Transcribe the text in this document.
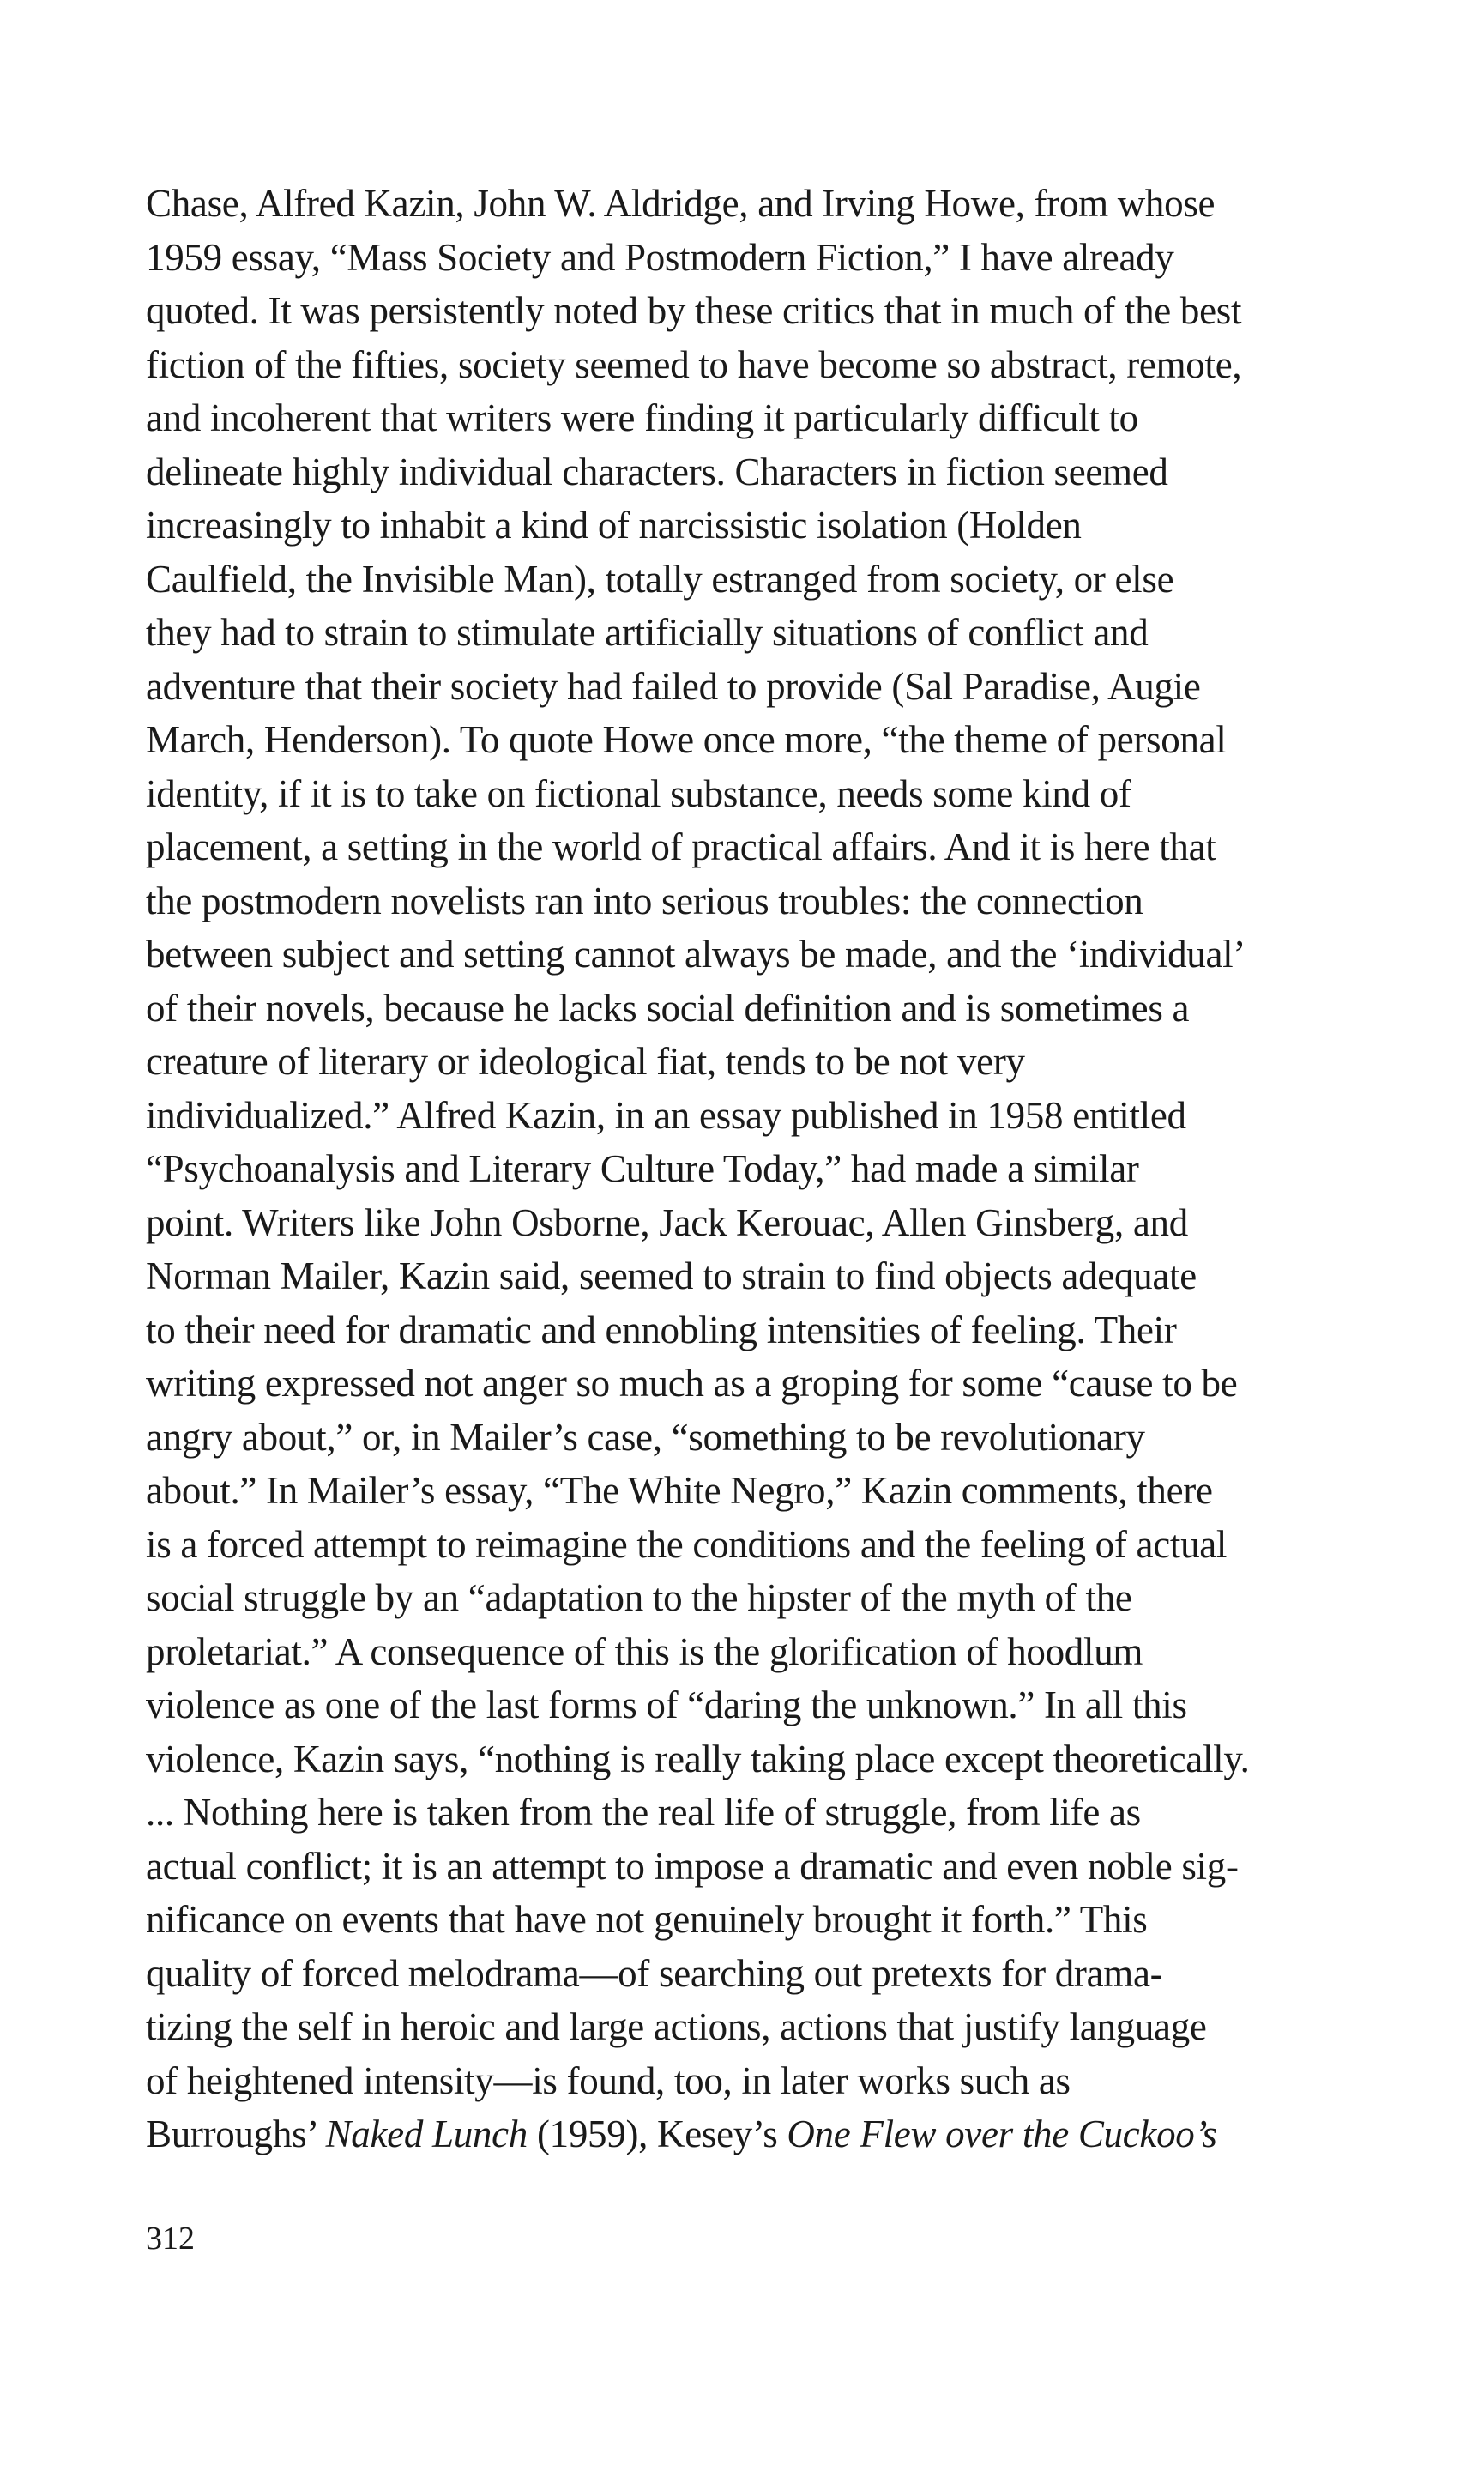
Chase, Alfred Kazin, John W. Aldridge, and Irving Howe, from whose
1959 essay, “Mass Society and Postmodern Fiction,” I have already
quoted. It was persistently noted by these critics that in much of the best
fiction of the fifties, society seemed to have become so abstract, remote,
and incoherent that writers were finding it particularly difficult to
delineate highly individual characters. Characters in fiction seemed
increasingly to inhabit a kind of narcissistic isolation (Holden
Caulfield, the Invisible Man), totally estranged from society, or else
they had to strain to stimulate artificially situations of conflict and
adventure that their society had failed to provide (Sal Paradise, Augie
March, Henderson). To quote Howe once more, “the theme of personal
identity, if it is to take on fictional substance, needs some kind of
placement, a setting in the world of practical affairs. And it is here that
the postmodern novelists ran into serious troubles: the connection
between subject and setting cannot always be made, and the ‘individual’
of their novels, because he lacks social definition and is sometimes a
creature of literary or ideological fiat, tends to be not very
individualized.” Alfred Kazin, in an essay published in 1958 entitled
“Psychoanalysis and Literary Culture Today,” had made a similar
point. Writers like John Osborne, Jack Kerouac, Allen Ginsberg, and
Norman Mailer, Kazin said, seemed to strain to find objects adequate
to their need for dramatic and ennobling intensities of feeling. Their
writing expressed not anger so much as a groping for some “cause to be
angry about,” or, in Mailer’s case, “something to be revolutionary
about.” In Mailer’s essay, “The White Negro,” Kazin comments, there
is a forced attempt to reimagine the conditions and the feeling of actual
social struggle by an “adaptation to the hipster of the myth of the
proletariat.” A consequence of this is the glorification of hoodlum
violence as one of the last forms of “daring the unknown.” In all this
violence, Kazin says, “nothing is really taking place except theoretically.
... Nothing here is taken from the real life of struggle, from life as
actual conflict; it is an attempt to impose a dramatic and even noble sig-
nificance on events that have not genuinely brought it forth.” This
quality of forced melodrama—of searching out pretexts for drama-
tizing the self in heroic and large actions, actions that justify language
of heightened intensity—is found, too, in later works such as
Burroughs’ Naked Lunch (1959), Kesey’s One Flew over the Cuckoo’s
312
